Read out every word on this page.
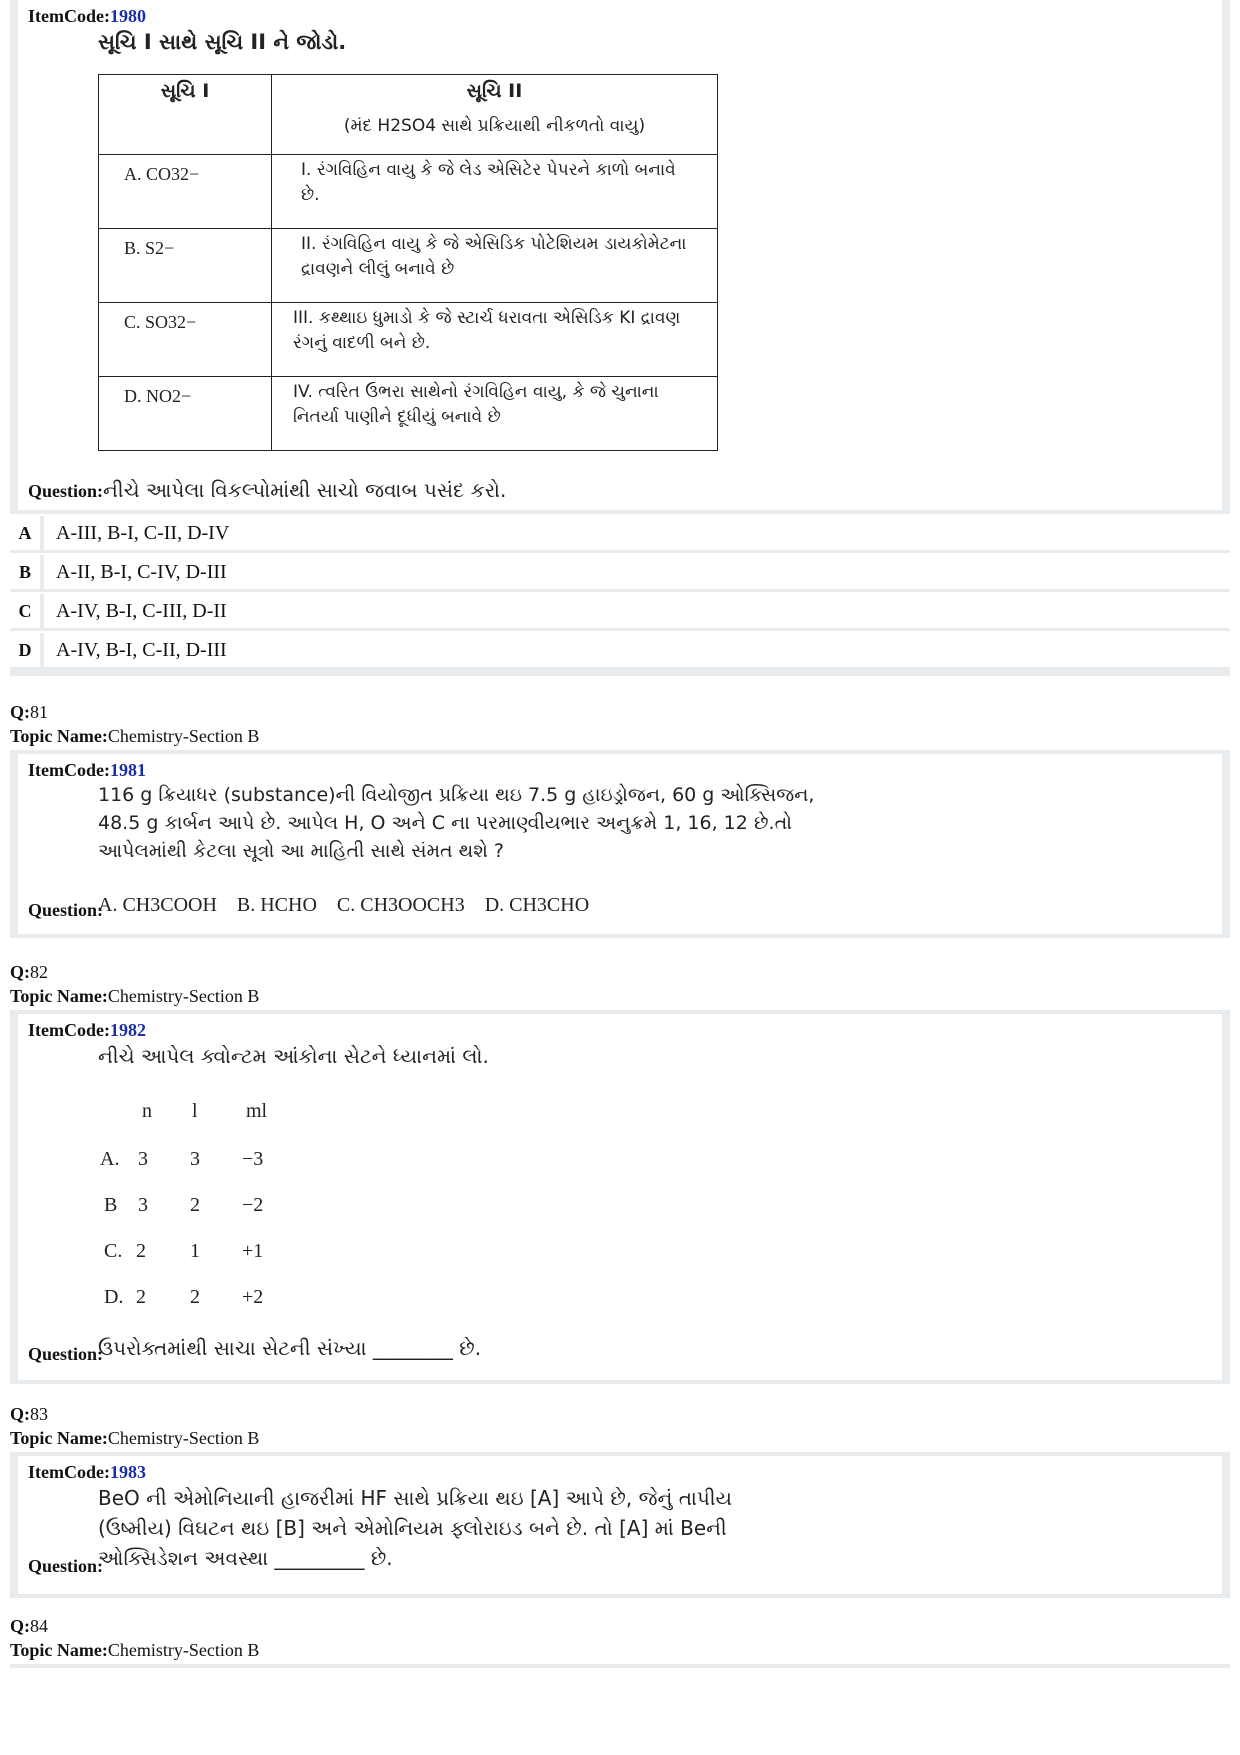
ItemCode:1980
સૂચિ I સાથે સૂચિ II ને જોડો.
સૂચિ I	સૂચિ II
(મંદ H2SO4 સાથે પ્રક્રિયાથી નીકળતો વાયુ)

A. CO32−	I. રંગવિહિન વાયુ કે જે લેડ એસિટેર પેપરને કાળો બનાવે છે.

B. S2−	II. રંગવિહિન વાયુ કે જે એસિડિક પોટેશિયમ ડાયકોમેટના દ્રાવણને લીલું બનાવે છે

C. SO32−	III. કથ્થાઇ ધુમાડો કે જે સ્ટાર્ચ ધરાવતા એસિડિક KI દ્રાવણ રંગનું વાદળી બને છે.

D. NO2−	IV. ત્વરિત ઉભરા સાથેનો રંગવિહિન વાયુ, કે જે ચુનાના નિતર્યા પાણીને દૂધીયું બનાવે છે
Question:નીચે આપેલા વિકલ્પોમાંથી સાચો જવાબ પસંદ કરો.
A	A-III, B-I, C-II, D-IV
B	A-II, B-I, C-IV, D-III
C	A-IV, B-I, C-III, D-II
D	A-IV, B-I, C-II, D-III
Q:81
Topic Name:Chemistry-Section B
ItemCode:1981
116 g ક્રિયાધર (substance)ની વિયોજીત પ્રક્રિયા થઇ 7.5 g હાઇડ્રોજન, 60 g ઓક્સિજન,
48.5 g કાર્બન આપે છે. આપેલ H, O અને C ના પરમાણ્વીયભાર અનુક્રમે 1, 16, 12 છે.તો
આપેલમાંથી કેટલા સૂત્રો આ માહિતી સાથે સંમત થશે ?
Question:
A. CH3COOH    B. HCHO    C. CH3OOCH3    D. CH3CHO
Q:82
Topic Name:Chemistry-Section B
ItemCode:1982
નીચે આપેલ ક્વોન્ટમ આંકોના સેટને ધ્યાનમાં લો.
n l ml
A. 3 3 −3
B 3 2 −2
C. 2 1 +1
D. 2 2 +2
Question:
ઉપરોક્તમાંથી સાચા સેટની સંખ્યા ________ છે.
Q:83
Topic Name:Chemistry-Section B
ItemCode:1983
BeO ની એમોનિયાની હાજરીમાં HF સાથે પ્રક્રિયા થઇ [A] આપે છે, જેનું તાપીય
(ઉષ્મીય) વિઘટન થઇ [B] અને એમોનિયમ ફ્લોરાઇડ બને છે. તો [A] માં Beની
Question:
ઓક્સિડેશન અવસ્થા _________ છે.
Q:84
Topic Name:Chemistry-Section B
